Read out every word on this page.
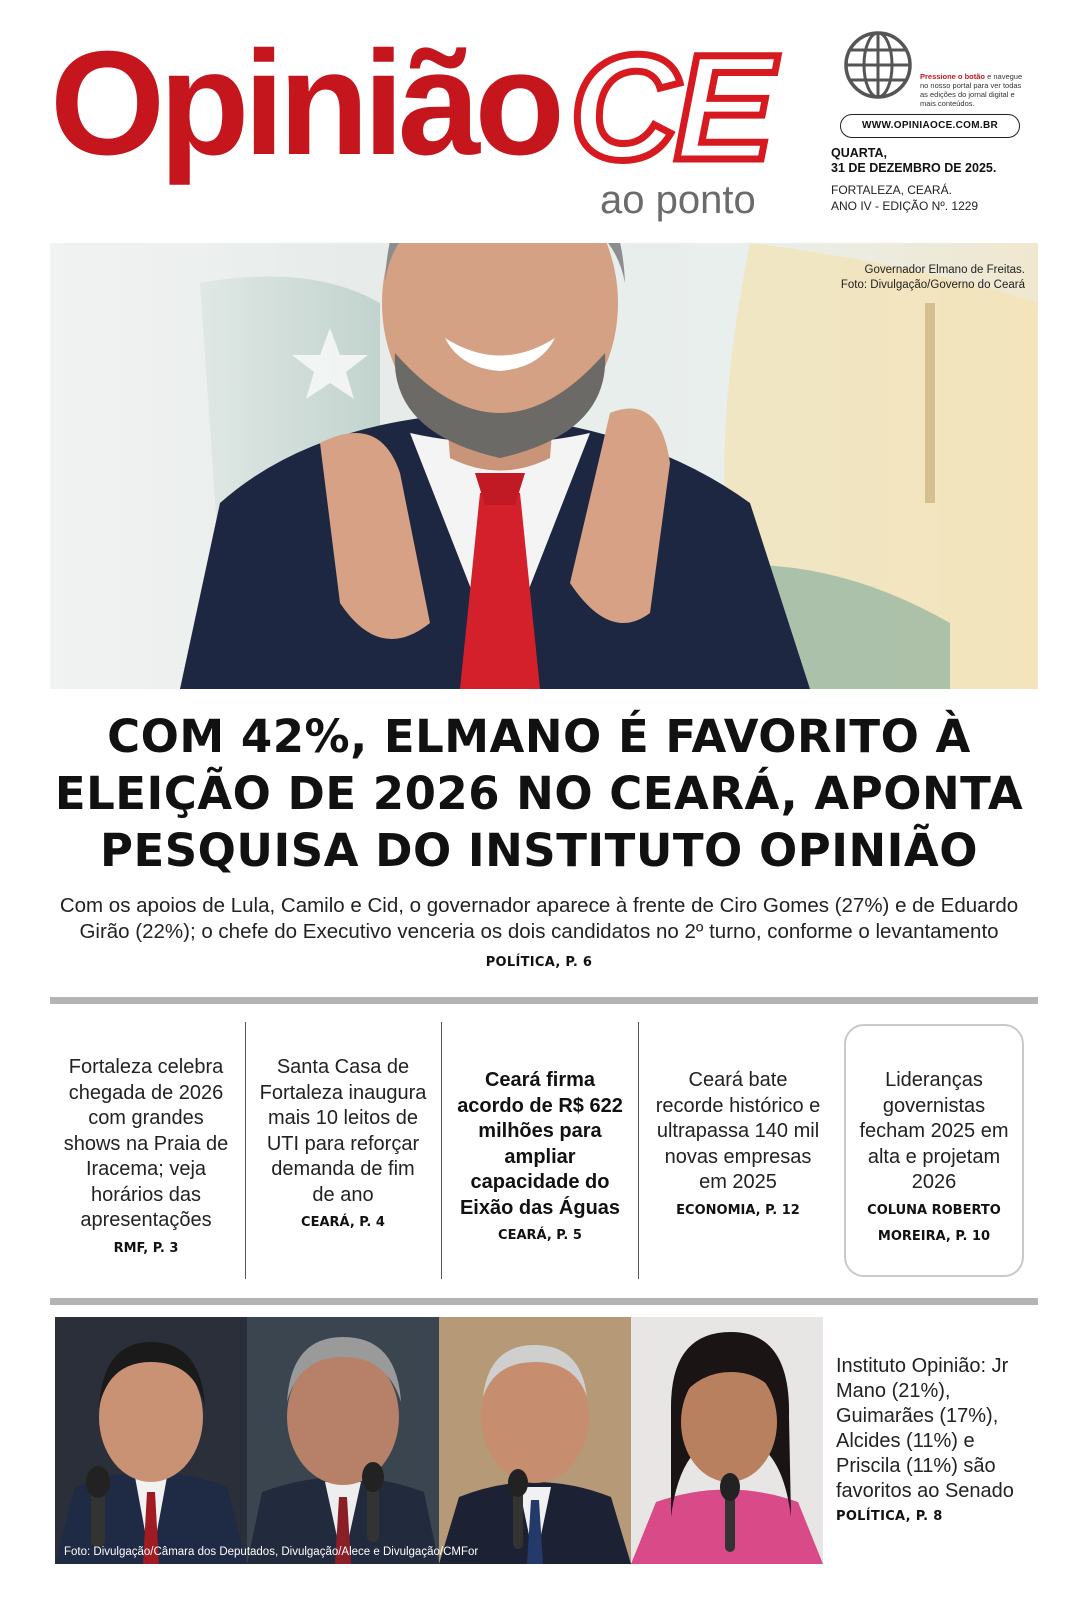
Opinião CE
ao ponto
Pressione o botão e navegue no nosso portal para ver todas as edições do jornal digital e mais conteúdos.
WWW.OPINIAOCE.COM.BR
QUARTA,
31 DE DEZEMBRO DE 2025.
FORTALEZA, CEARÁ.
ANO IV - EDIÇÃO Nº. 1229
Governador Elmano de Freitas.
Foto: Divulgação/Governo do Ceará
COM 42%, ELMANO É FAVORITO À
ELEIÇÃO DE 2026 NO CEARÁ, APONTA
PESQUISA DO INSTITUTO OPINIÃO
Com os apoios de Lula, Camilo e Cid, o governador aparece à frente de Ciro Gomes (27%) e de Eduardo
Girão (22%); o chefe do Executivo venceria os dois candidatos no 2º turno, conforme o levantamento
POLÍTICA, P. 6
Fortaleza celebra chegada de 2026 com grandes shows na Praia de Iracema; veja horários das apresentações
RMF, P. 3
Santa Casa de Fortaleza inaugura mais 10 leitos de UTI para reforçar demanda de fim de ano
CEARÁ, P. 4
Ceará firma acordo de R$ 622 milhões para ampliar capacidade do Eixão das Águas
CEARÁ, P. 5
Ceará bate recorde histórico e ultrapassa 140 mil novas empresas em 2025
ECONOMIA, P. 12
Lideranças governistas fecham 2025 em alta e projetam 2026
COLUNA ROBERTO MOREIRA, P. 10
Foto: Divulgação/Câmara dos Deputados, Divulgação/Alece e Divulgação/CMFor
Instituto Opinião: Jr Mano (21%), Guimarães (17%), Alcides (11%) e Priscila (11%) são favoritos ao Senado
POLÍTICA, P. 8
